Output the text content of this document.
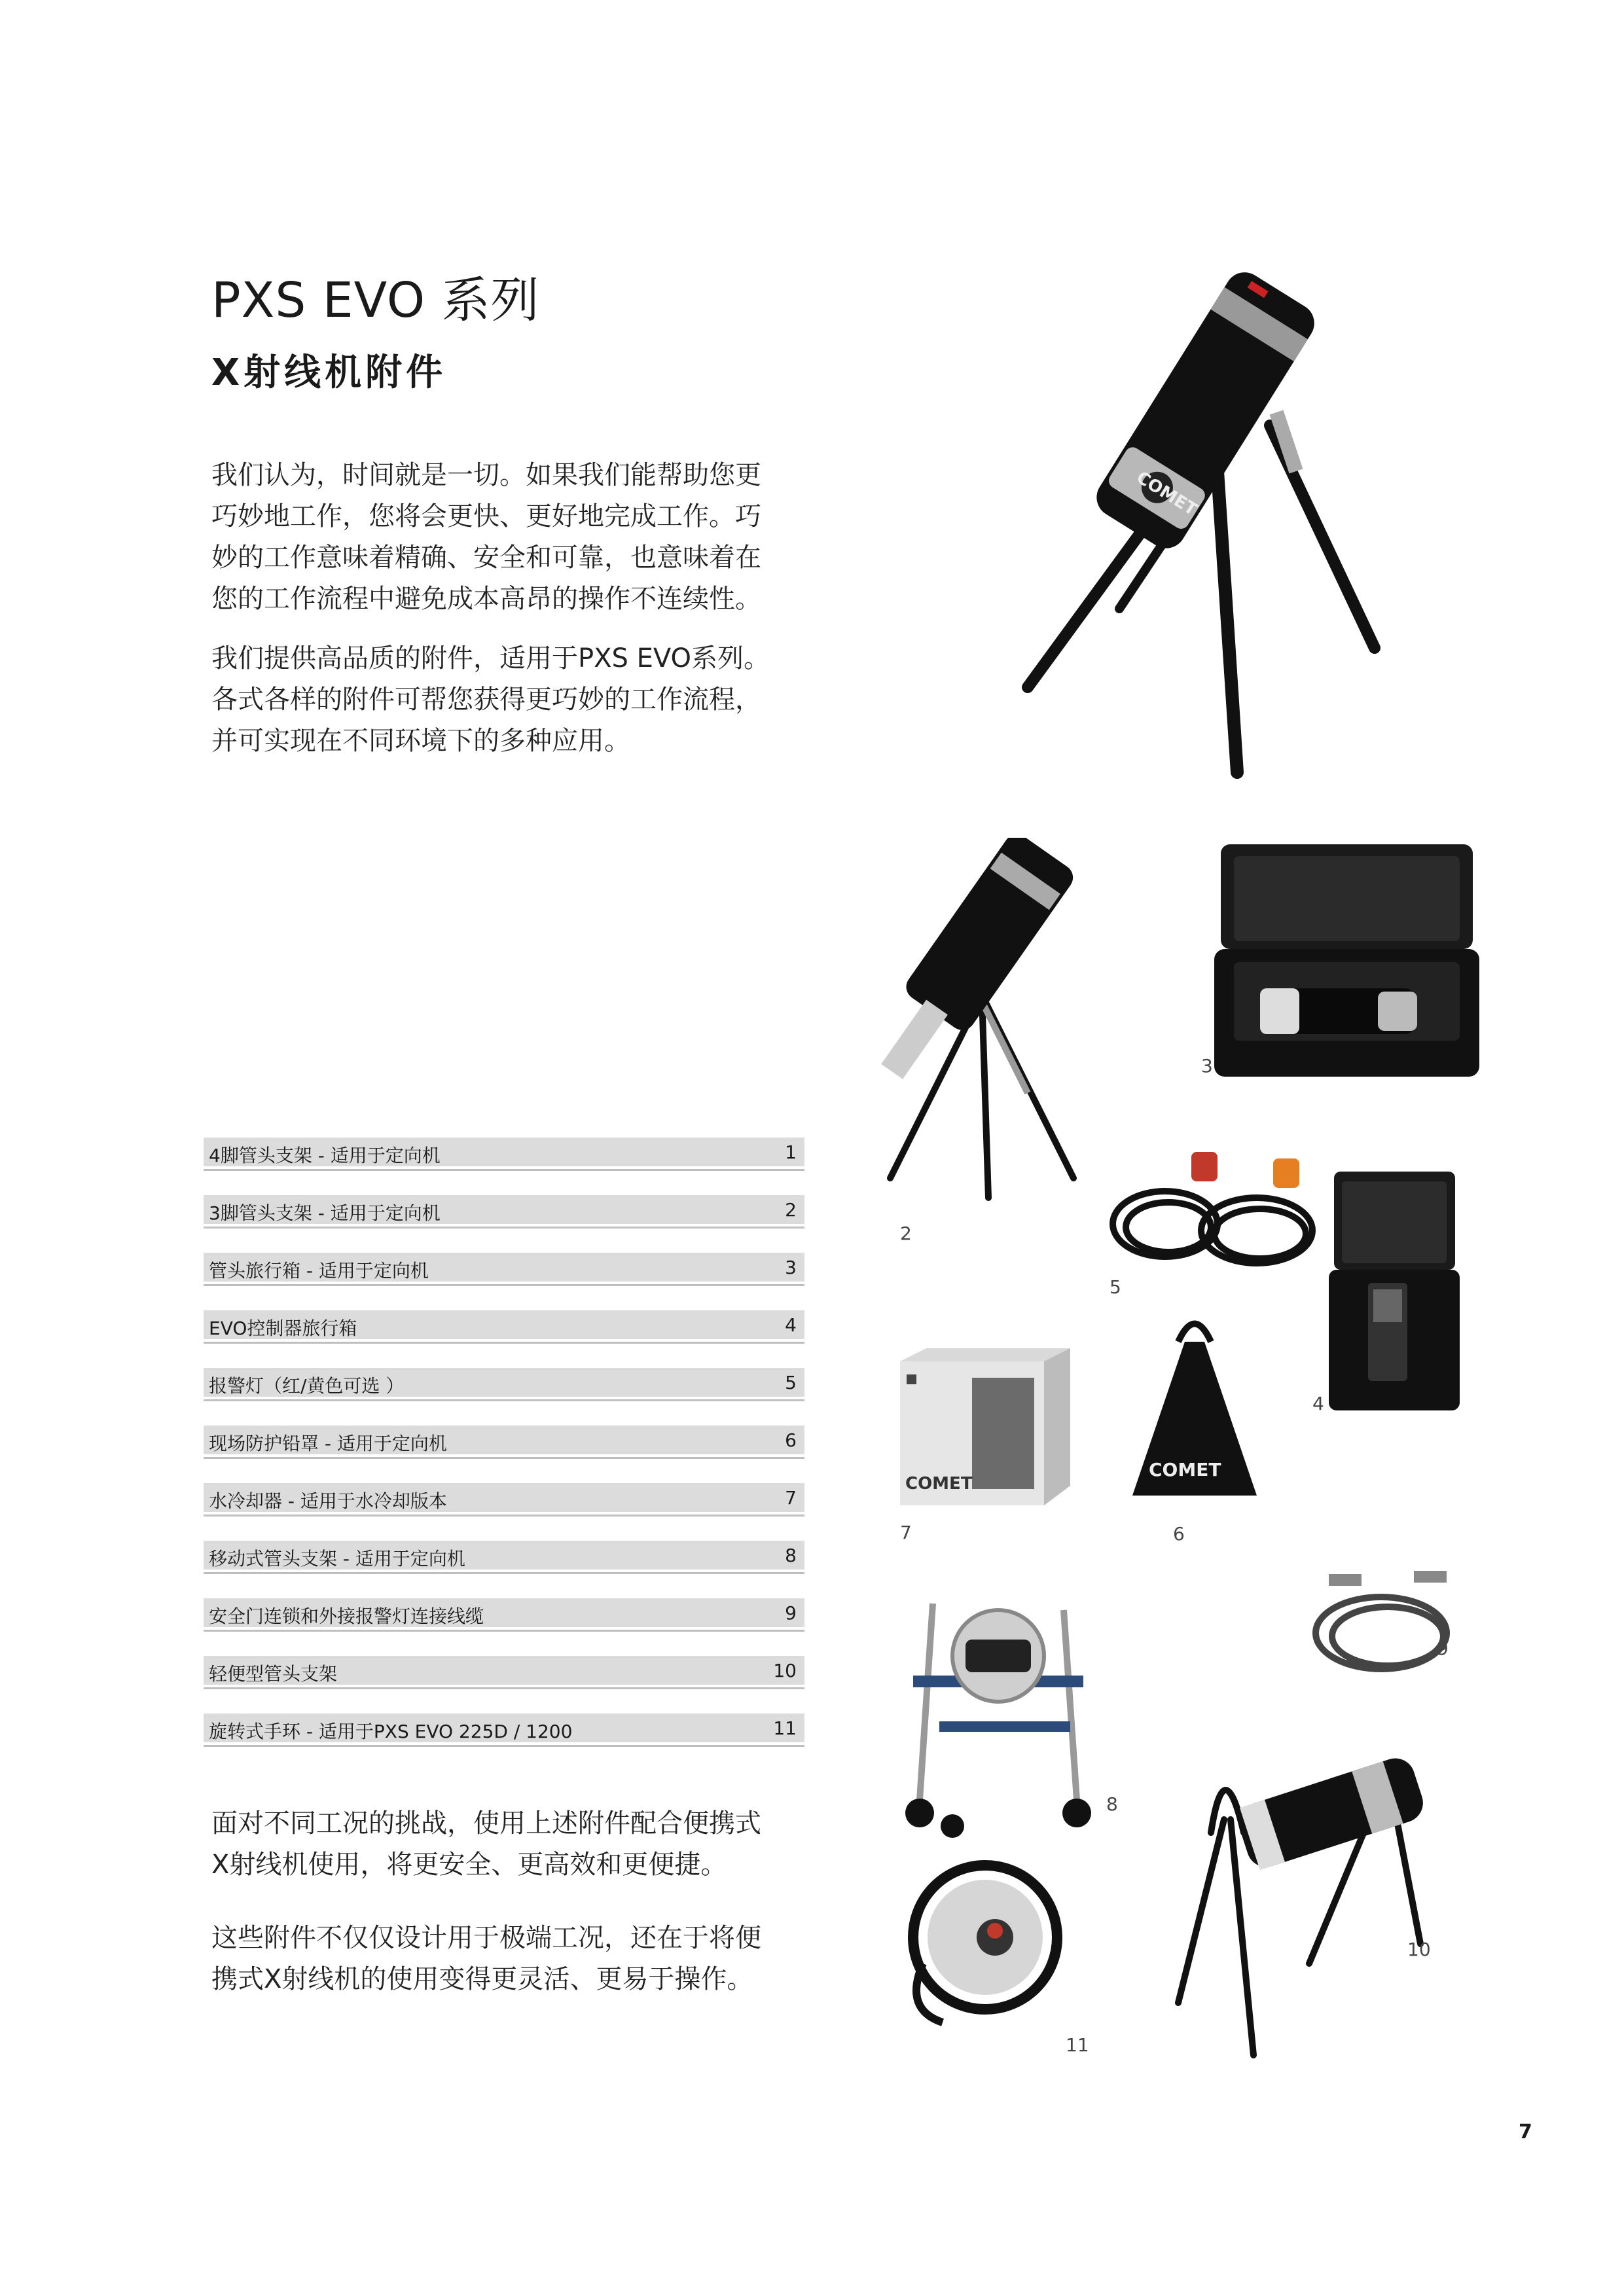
PXS EVO 系列
X射线机附件

我们认为，时间就是一切。如果我们能帮助您更
巧妙地工作，您将会更快、更好地完成工作。巧
妙的工作意味着精确、安全和可靠，也意味着在
您的工作流程中避免成本高昂的操作不连续性。

我们提供高品质的附件，适用于PXS EVO系列。
各式各样的附件可帮您获得更巧妙的工作流程，
并可实现在不同环境下的多种应用。

COMET
COMET
COMET
3
2
5
4
7	6
9
8
10
11
4脚管头支架 - 适用于定向机	1
3脚管头支架 - 适用于定向机	2
管头旅行箱 - 适用于定向机	3
EVO控制器旅行箱	4
报警灯（红/黄色可选 ）	5
现场防护铅罩 - 适用于定向机	6
水冷却器 - 适用于水冷却版本	7
移动式管头支架 - 适用于定向机	8
安全门连锁和外接报警灯连接线缆	9
轻便型管头支架	10
旋转式手环 - 适用于PXS EVO 225D / 1200	11

面对不同工况的挑战，使用上述附件配合便携式
X射线机使用，将更安全、更高效和更便捷。

这些附件不仅仅设计用于极端工况，还在于将便
携式X射线机的使用变得更灵活、更易于操作。

7
